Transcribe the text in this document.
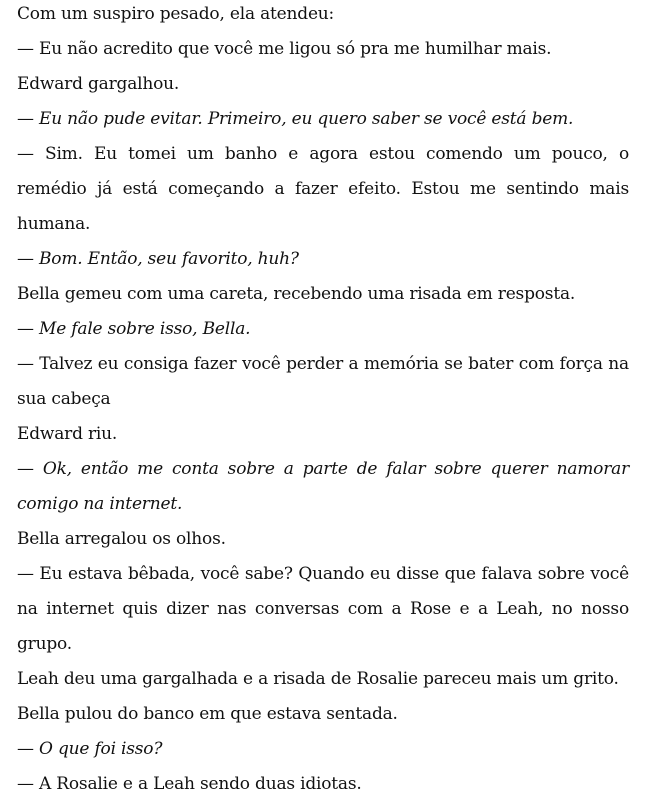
Com um suspiro pesado, ela atendeu:
— Eu não acredito que você me ligou só pra me humilhar mais.
Edward gargalhou.
— Eu não pude evitar. Primeiro, eu quero saber se você está bem.
— Sim. Eu tomei um banho e agora estou comendo um pouco, o
remédio já está começando a fazer efeito. Estou me sentindo mais
humana.
— Bom. Então, seu favorito, huh?
Bella gemeu com uma careta, recebendo uma risada em resposta.
— Me fale sobre isso, Bella.
— Talvez eu consiga fazer você perder a memória se bater com força na
sua cabeça
Edward riu.
— Ok, então me conta sobre a parte de falar sobre querer namorar
comigo na internet.
Bella arregalou os olhos.
— Eu estava bêbada, você sabe? Quando eu disse que falava sobre você
na internet quis dizer nas conversas com a Rose e a Leah, no nosso
grupo.
Leah deu uma gargalhada e a risada de Rosalie pareceu mais um grito.
Bella pulou do banco em que estava sentada.
— O que foi isso?
— A Rosalie e a Leah sendo duas idiotas.
